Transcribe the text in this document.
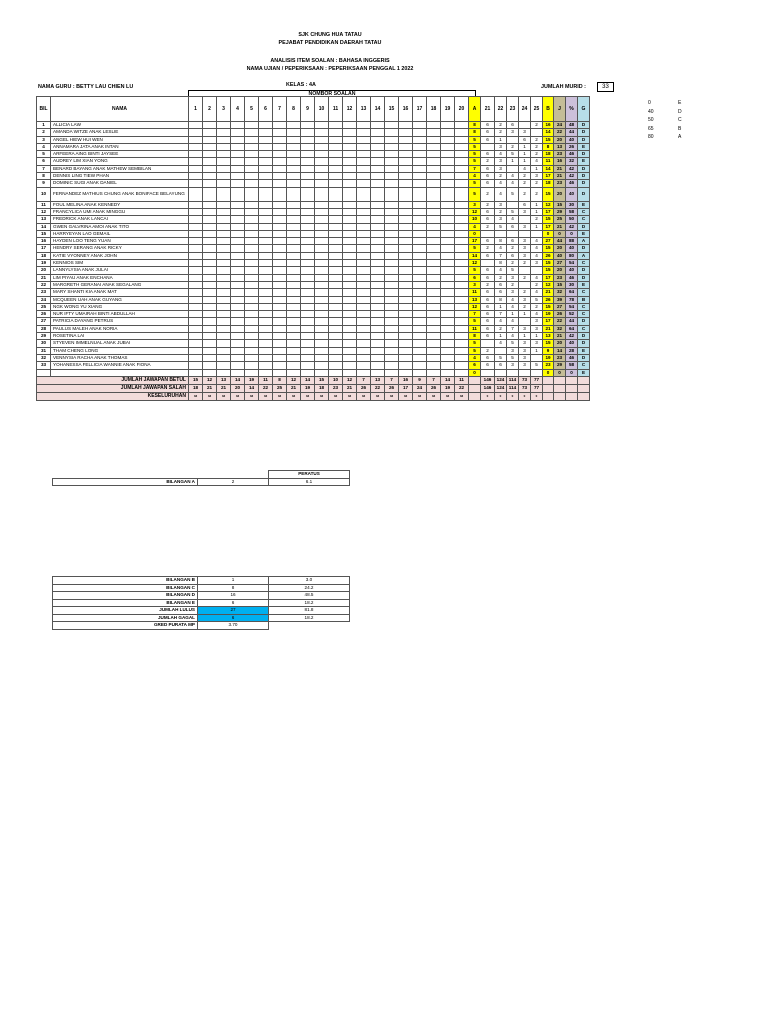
SJK CHUNG HUA TATAU
PEJABAT PENDIDIKAN DAERAH TATAU
ANALISIS ITEM SOALAN : BAHASA INGGERIS
NAMA UJIAN / PEPERIKSAAN : PEPERIKSAAN PENGGAL 1 2022
NAMA GURU : BETTY LAU CHIEN LU	KELAS : 4A	JUMLAH MURID :	33
NOMBOR SOALAN
BIL	NAMA	1	2	3	4	5	6	7	8	9	10	11	12	13	14	15	16	17	18	19	20	A	21	22	23	24	25	B	J	%	G
1	ALLICIA LAW																					8	6	2	6		2	16	24	48	D
2	AMANDA WITZE ANAK LESLIE																					8	6	2	3	3		14	22	44	D
3	ANGEL HIEW HUI WEN																					5	6	1		6	2	15	20	40	D
4	ANNAMARA JATA ANAK INTAN																					5		3	2	1	2	8	13	26	E
5	ARFEERA AING BINTI JAYSEE																					5	6	4	5	1	2	18	23	46	D
6	AUDREY LIM XIAN YONG																					5	2	3	1	1	4	11	16	32	E
7	BENARD BAYANG ANAK MATHEW SEMBILAN																					7	6	3		4	1	14	21	42	D
8	DENNIS LING TIEW PHAN																					4	6	2	4	2	3	17	21	42	D
9	DOMINIC SUGI ANAK DANIEL																					5	6	4	4	2	2	18	23	46	D
10	FERNANDEZ MATHIUS CHUNG ANAK BONIFACE BELAYUNG																					5	2	4	5	2	2	15	20	40	D
11	FOUL MELINA ANAK KENNEDY																					3	2	3		6	1	12	15	30	E
12	FRANCYLICA UMI ANAK MINGGU																					12	6	2	5	3	1	17	29	58	C
13	FREDRICK ANAK LANCAI																					10	6	3	4		2	15	25	50	C
14	GWEN GALVRINA AMOI ANAK TITO																					4	2	5	6	3	1	17	21	42	D
15	HARRYEYAN LAO GEMAIL																					0						0	0	0	E
16	HAYDEN LOO TENG YUAN																					17	6	8	6	3	4	27	44	88	A
17	HENDRY SERANG ANAK RICKY																					5	2	4	2	3	4	15	20	40	D
18	KATIE VYONNEY ANAK JOHN																					14	6	7	6	3	4	26	40	80	A
19	KENNIOS SIM																					12		8	2	2	3	15	27	54	C
20	LANNYLYSIA ANAK JULAI																					5	6	4	5			15	20	40	D
21	LIM PIYAU ANAK ENCHANA																					6	6	2	3	2	4	17	23	46	D
22	MARGRETH GERANAI ANAK SEGALANG																					3	2	6	2		2	12	15	30	E
23	MARY SHANTI KIA ANAK MAT																					11	6	6	3	2	4	21	32	64	C
24	MCQUEEN UAH ANAK GUYANG																					13	6	8	4	3	5	26	39	78	B
25	NGK WONG YU XIANG																					12	6	1	4	2	2	15	27	54	C
26	NUR IFTY UMAIRAH BINTI ABDULLAH																					7	6	7	1	1	4	19	26	52	C
27	PATRICIA DAYANG PETRUS																					5	6	4	4		3	17	22	44	D
28	PAULUS MALEH ANAK NORIA																					11	6	2	7	3	3	21	32	64	C
29	ROSETINA LAI																					8	6	1	4	1	1	13	21	42	D
30	STYEVEN IMMELNUAL ANAK JUBAI																					5		4	5	3	3	15	20	40	D
31	THAM CHENG LONG																					5	2		3	3	1	9	14	28	E
32	VENNYSIA RACHA ANAK THOMAS																					4	6	5	5	3		19	23	46	D
33	YOHANESSA FELLICIA WANNIE ANAK FIONA																					6	6	6	3	3	5	23	29	58	C
																						0						0	0	0	E
JUMLAH JAWAPAN BETUL		15	12	13	14	19	11	8	12	14	15	10	12	7	13	7	16	9	7	14	11		146	124	114	73	77				
JUMLAH JAWAPAN SALAH		18	21	21	20	14	22	25	21	19	18	23	21	26	22	26	17	24	26	19	22		146	124	114	73	77				
KESELURUHAN		33	33	33	33	33	33	33	33	33	33	33	33	33	33	33	33	33	33	33	33		0	0	0	0	0				
0	E
40	D
50	C
65	B
80	A
		PERATUS
BILANGAN A	2	6.1
BILANGAN B	1	3.0
BILANGAN C	8	24.2
BILANGAN D	16	48.5
BILANGAN E	6	18.2
JUMLAH LULUS	27	81.8
JUMLAH GAGAL	6	18.2
GRED PURATA MP	3.70	
